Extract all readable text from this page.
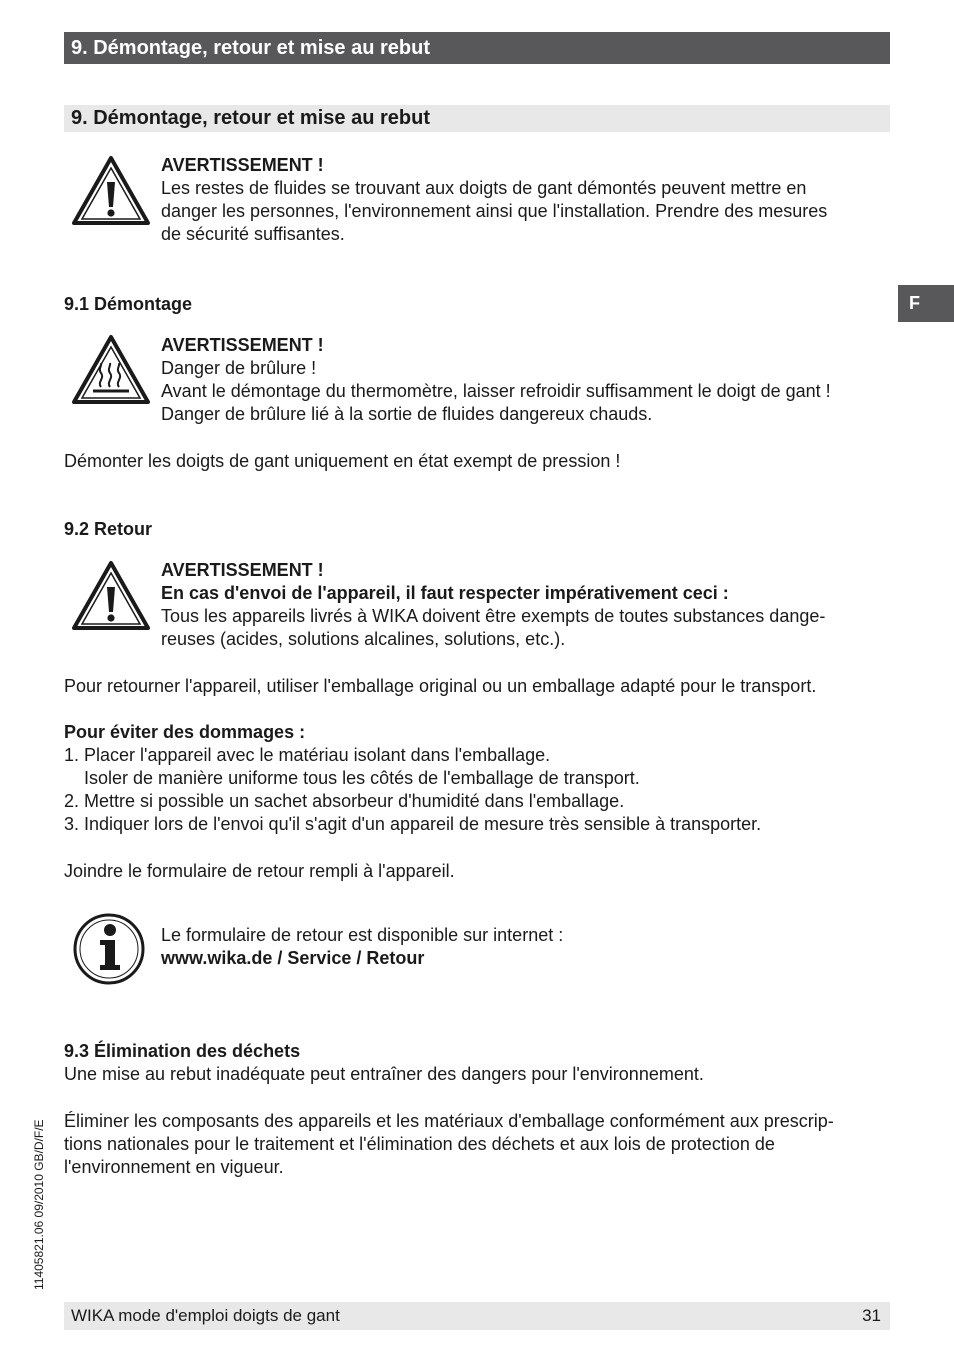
9. Démontage, retour et mise au rebut
9. Démontage, retour et mise au rebut
F
AVERTISSEMENT !
Les restes de fluides se trouvant aux doigts de gant démontés peuvent mettre en
danger les personnes, l'environnement ainsi que l'installation. Prendre des mesures
de sécurité suffisantes.
9.1 Démontage
AVERTISSEMENT !
Danger de brûlure !
Avant le démontage du thermomètre, laisser refroidir suffisamment le doigt de gant !
Danger de brûlure lié à la sortie de fluides dangereux chauds.
Démonter les doigts de gant uniquement en état exempt de pression !
9.2 Retour
AVERTISSEMENT !
En cas d'envoi de l'appareil, il faut respecter impérativement ceci :
Tous les appareils livrés à WIKA doivent être exempts de toutes substances dange-
reuses (acides, solutions alcalines, solutions, etc.).
Pour retourner l'appareil, utiliser l'emballage original ou un emballage adapté pour le transport.
Pour éviter des dommages :
1. Placer l'appareil avec le matériau isolant dans l'emballage.
Isoler de manière uniforme tous les côtés de l'emballage de transport.
2. Mettre si possible un sachet absorbeur d'humidité dans l'emballage.
3. Indiquer lors de l'envoi qu'il s'agit d'un appareil de mesure très sensible à transporter.
Joindre le formulaire de retour rempli à l'appareil.
Le formulaire de retour est disponible sur internet :
www.wika.de / Service / Retour
9.3 Élimination des déchets
Une mise au rebut inadéquate peut entraîner des dangers pour l'environnement.
Éliminer les composants des appareils et les matériaux d'emballage conformément aux prescrip-
tions nationales pour le traitement et l'élimination des déchets et aux lois de protection de
l'environnement en vigueur.
11405821.06 09/2010 GB/D/F/E
WIKA mode d'emploi doigts de gant	31
